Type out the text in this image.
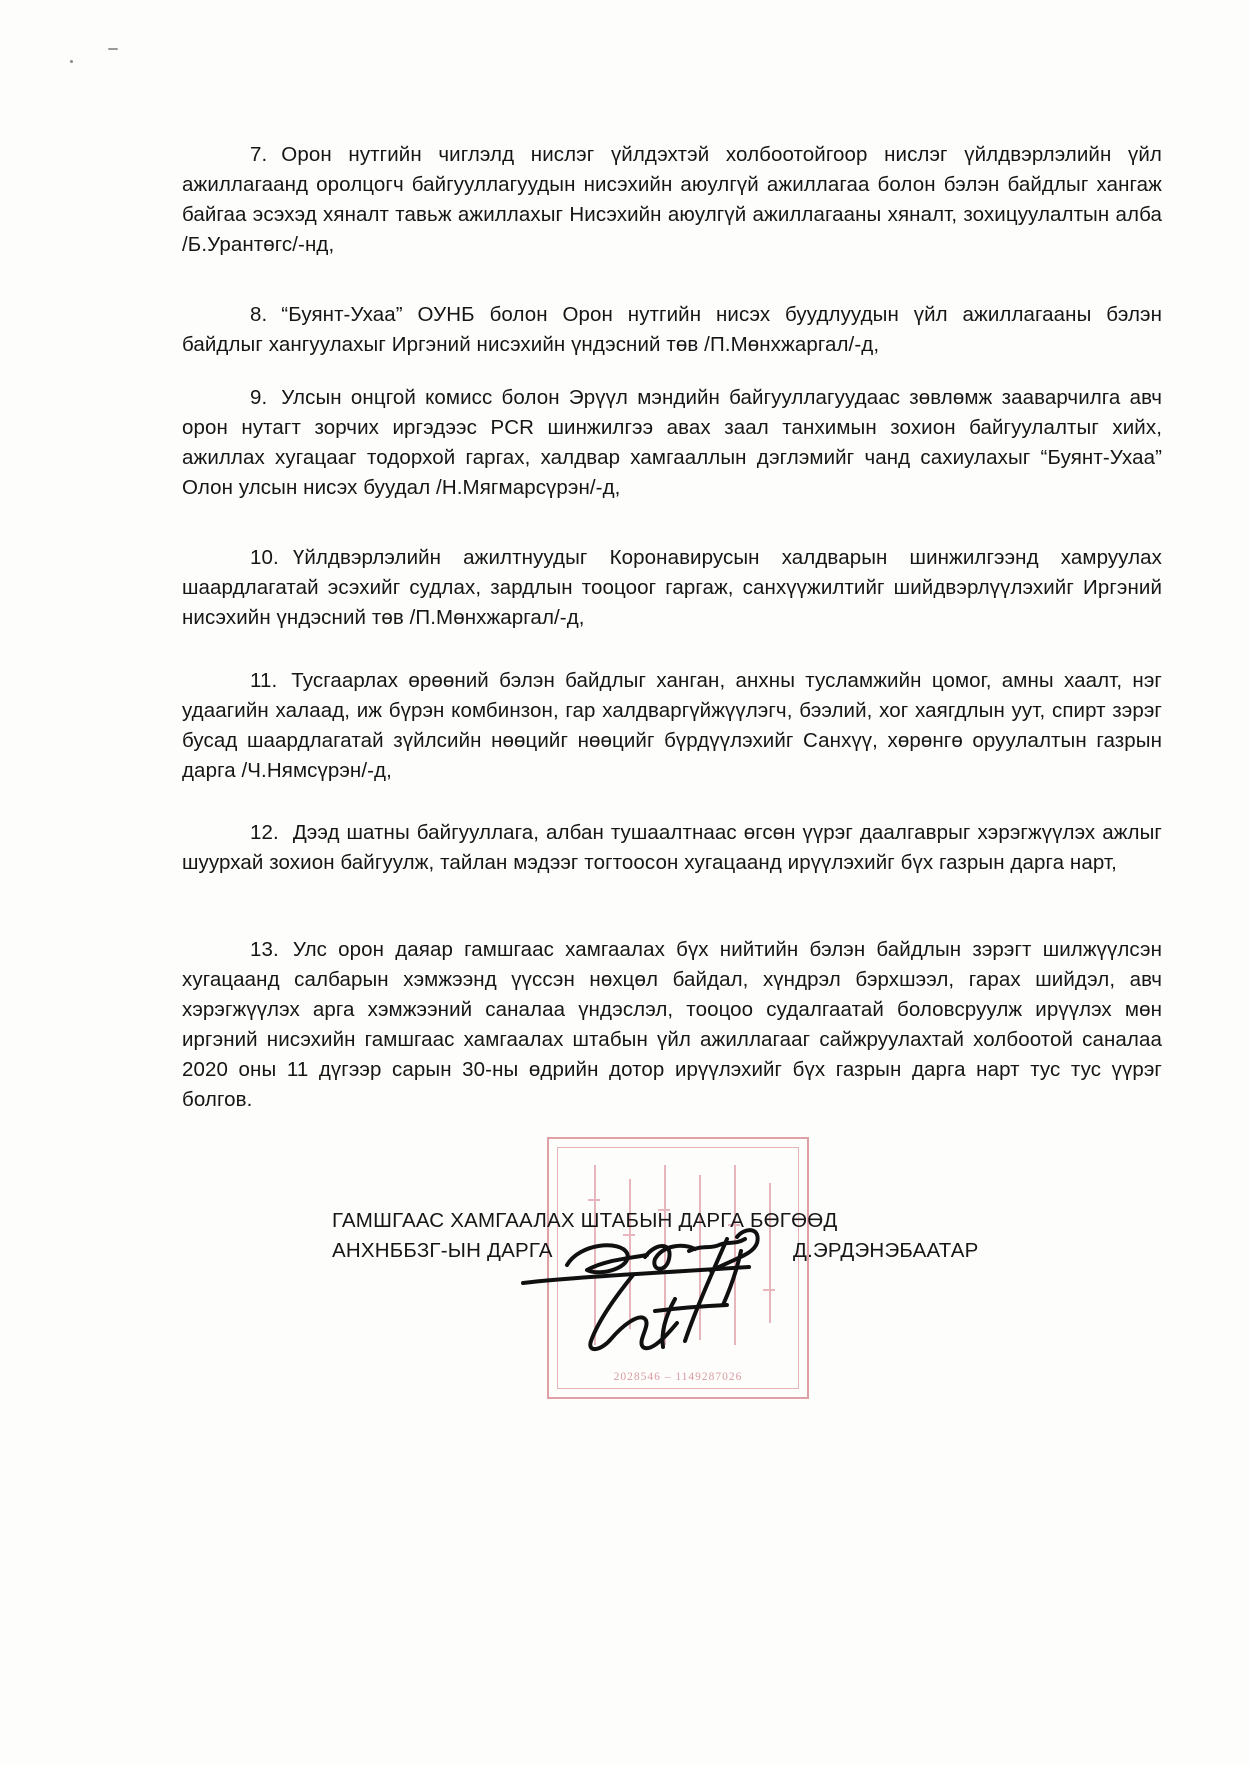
7. Орон нутгийн чиглэлд нислэг үйлдэхтэй холбоотойгоор нислэг үйлдвэрлэлийн үйл ажиллагаанд оролцогч байгууллагуудын нисэхийн аюулгүй ажиллагаа болон бэлэн байдлыг хангаж байгаа эсэхэд хяналт тавьж ажиллахыг Нисэхийн аюулгүй ажиллагааны хяналт, зохицуулалтын алба /Б.Урантөгс/-нд,
8. “Буянт-Ухаа” ОУНБ болон Орон нутгийн нисэх буудлуудын үйл ажиллагааны бэлэн байдлыг хангуулахыг Иргэний нисэхийн үндэсний төв /П.Мөнхжаргал/-д,
9. Улсын онцгой комисс болон Эрүүл мэндийн байгууллагуудаас зөвлөмж зааварчилга авч орон нутагт зорчих иргэдээс PCR шинжилгээ авах заал танхимын зохион байгуулалтыг хийх, ажиллах хугацааг тодорхой гаргах, халдвар хамгааллын дэглэмийг чанд сахиулахыг “Буянт-Ухаа” Олон улсын нисэх буудал /Н.Мягмарсүрэн/-д,
10. Үйлдвэрлэлийн ажилтнуудыг Коронавирусын халдварын шинжилгээнд хамруулах шаардлагатай эсэхийг судлах, зардлын тооцоог гаргаж, санхүүжилтийг шийдвэрлүүлэхийг Иргэний нисэхийн үндэсний төв /П.Мөнхжаргал/-д,
11. Тусгаарлах өрөөний бэлэн байдлыг ханган, анхны тусламжийн цомог, амны хаалт, нэг удаагийн халаад, иж бүрэн комбинзон, гар халдваргүйжүүлэгч, бээлий, хог хаягдлын уут, спирт зэрэг бусад шаардлагатай зүйлсийн нөөцийг нөөцийг бүрдүүлэхийг Санхүү, хөрөнгө оруулалтын газрын дарга /Ч.Нямсүрэн/-д,
12. Дээд шатны байгууллага, албан тушаалтнаас өгсөн үүрэг даалгаврыг хэрэгжүүлэх ажлыг шуурхай зохион байгуулж, тайлан мэдээг тогтоосон хугацаанд ирүүлэхийг бүх газрын дарга нарт,
13. Улс орон даяар гамшгаас хамгаалах бүх нийтийн бэлэн байдлын зэрэгт шилжүүлсэн хугацаанд салбарын хэмжээнд үүссэн нөхцөл байдал, хүндрэл бэрхшээл, гарах шийдэл, авч хэрэгжүүлэх арга хэмжээний саналаа үндэслэл, тооцоо судалгаатай боловсруулж ирүүлэх мөн иргэний нисэхийн гамшгаас хамгаалах штабын үйл ажиллагааг сайжруулахтай холбоотой саналаа 2020 оны 11 дүгээр сарын 30-ны өдрийн дотор ирүүлэхийг бүх газрын дарга нарт тус тус үүрэг болгов.
2028546 – 1149287026
ГАМШГААС ХАМГААЛАХ ШТАБЫН ДАРГА БӨГӨӨД
АНХНББЗГ-ЫН ДАРГА	Д.ЭРДЭНЭБААТАР
